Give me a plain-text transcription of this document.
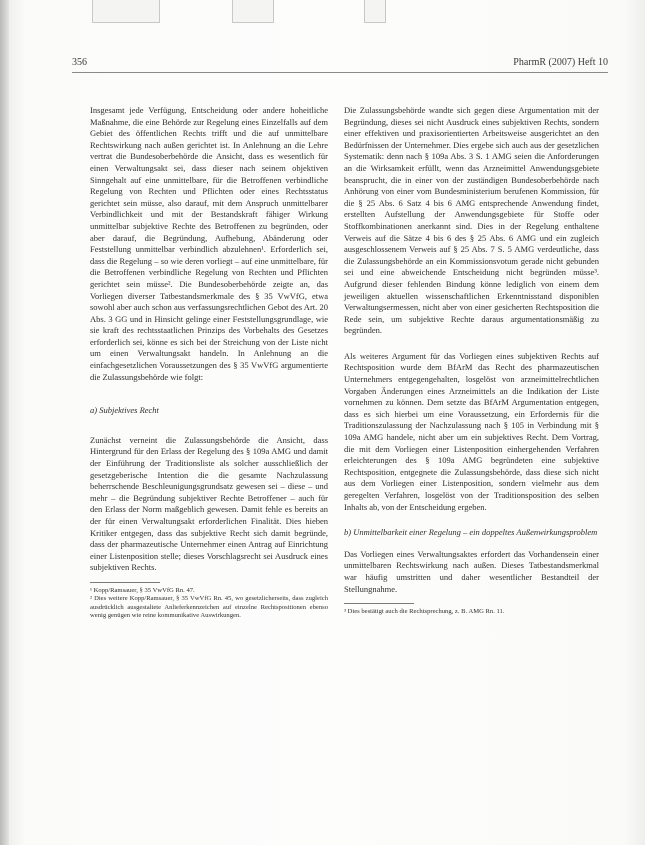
356	PharmR (2007) Heft 10

Insgesamt jede Verfügung, Entscheidung oder andere hoheitliche Maßnahme, die eine Behörde zur Regelung eines Einzelfalls auf dem Gebiet des öffentlichen Rechts trifft und die auf unmittelbare Rechtswirkung nach außen gerichtet ist. In Anlehnung an die Lehre vertrat die Bundesoberbehörde die Ansicht, dass es wesentlich für einen Verwaltungsakt sei, dass dieser nach seinem objektiven Sinngehalt auf eine unmittelbare, für die Betroffenen verbindliche Regelung von Rechten und Pflichten oder eines Rechtsstatus gerichtet sein müsse, also darauf, mit dem Anspruch unmittelbarer Verbindlichkeit und mit der Bestandskraft fähiger Wirkung unmittelbar subjektive Rechte des Betroffenen zu begründen, oder aber darauf, die Begründung, Aufhebung, Abänderung oder Feststellung unmittelbar verbindlich abzulehnen¹. Erforderlich sei, dass die Regelung – so wie deren vorliegt – auf eine unmittelbare, für die Betroffenen verbindliche Regelung von Rechten und Pflichten gerichtet sein müsse². Die Bundesoberbehörde zeigte an, das Vorliegen diverser Tatbestandsmerkmale des § 35 VwVfG, etwa sowohl aber auch schon aus verfassungsrechtlichen Gebot des Art. 20 Abs. 3 GG und in Hinsicht gelinge einer Feststellungsgrundlage, wie sie kraft des rechtsstaatlichen Prinzips des Vorbehalts des Gesetzes erforderlich sei, könne es sich bei der Streichung von der Liste nicht um einen Verwaltungsakt handeln. In Anlehnung an die einfachgesetzlichen Voraussetzungen des § 35 VwVfG argumentierte die Zulassungsbehörde wie folgt:

a) Subjektives Recht

Zunächst verneint die Zulassungsbehörde die Ansicht, dass Hintergrund für den Erlass der Regelung des § 109a AMG und damit der Einführung der Traditionsliste als solcher ausschließlich der gesetzgeberische Intention die die gesamte Nachzulassung beherrschende Beschleunigungsgrundsatz gewesen sei – diese – und mehr – die Begründung subjektiver Rechte Betroffener – auch für den Erlass der Norm maßgeblich gewesen. Damit fehle es bereits an der für einen Verwaltungsakt erforderlichen Finalität. Dies hieben Kritiker entgegen, dass das subjektive Recht sich damit begründe, dass der pharmazeutische Unternehmer einen Antrag auf Einrichtung einer Listenposition stelle; dieses Vorschlagsrecht sei Ausdruck eines subjektiven Rechts.

¹ Kopp/Ramsauer, § 35 VwVfG Rn. 47.

² Dies weitere Kopp/Ramsauer, § 35 VwVfG Rn. 45, wo gesetzlicherseits, dass zugleich ausdrücklich ausgestaltete Anlieferkennzeichen auf einzelne Rechtspositionen ebenso wenig genügen wie reine kommunikative Auswirkungen.

Die Zulassungsbehörde wandte sich gegen diese Argumentation mit der Begründung, dieses sei nicht Ausdruck eines subjektiven Rechts, sondern einer effektiven und praxisorientierten Arbeitsweise ausgerichtet an den Bedürfnissen der Unternehmer. Dies ergebe sich auch aus der gesetzlichen Systematik: denn nach § 109a Abs. 3 S. 1 AMG seien die Anforderungen an die Wirksamkeit erfüllt, wenn das Arzneimittel Anwendungsgebiete beansprucht, die in einer von der zuständigen Bundesoberbehörde nach Anhörung von einer vom Bundesministerium berufenen Kommission, für die § 25 Abs. 6 Satz 4 bis 6 AMG entsprechende Anwendung findet, erstellten Aufstellung der Anwendungsgebiete für Stoffe oder Stoffkombinationen anerkannt sind. Dies in der Regelung enthaltene Verweis auf die Sätze 4 bis 6 des § 25 Abs. 6 AMG und ein zugleich ausgeschlossenem Verweis auf § 25 Abs. 7 S. 5 AMG verdeutliche, dass die Zulassungsbehörde an ein Kommissionsvotum gerade nicht gebunden sei und eine abweichende Entscheidung nicht begründen müsse³. Aufgrund dieser fehlenden Bindung könne lediglich von einem dem jeweiligen aktuellen wissenschaftlichen Erkenntnisstand disponiblen Verwaltungsermessen, nicht aber von einer gesicherten Rechtsposition die Rede sein, um subjektive Rechte daraus argumentationsmäßig zu begründen.

Als weiteres Argument für das Vorliegen eines subjektiven Rechts auf Rechtsposition wurde dem BfArM das Recht des pharmazeutischen Unternehmers entgegengehalten, losgelöst von arzneimittelrechtlichen Vorgaben Änderungen eines Arzneimittels an die Indikation der Liste vornehmen zu können. Dem setzte das BfArM Argumentation entgegen, dass es sich hierbei um eine Voraussetzung, ein Erfordernis für die Traditionszulassung der Nachzulassung nach § 105 in Verbindung mit § 109a AMG handele, nicht aber um ein subjektives Recht. Dem Vortrag, die mit dem Vorliegen einer Listenposition einhergehenden Verfahren erleichterungen des § 109a AMG begründeten eine subjektive Rechtsposition, entgegnete die Zulassungsbehörde, dass diese sich nicht aus dem Vorliegen einer Listenposition, sondern vielmehr aus dem geregelten Verfahren, losgelöst von der Traditionsposition des selben Inhalts ab, von der Entscheidung ergeben.

b) Unmittelbarkeit einer Regelung – ein doppeltes Außenwirkungsproblem

Das Vorliegen eines Verwaltungsaktes erfordert das Vorhandensein einer unmittelbaren Rechtswirkung nach außen. Dieses Tatbestandsmerkmal war häufig umstritten und daher wesentlicher Bestandteil der Stellungnahme.

³ Dies bestätigt auch die Rechtsprechung, z. B. AMG Rn. 11.
